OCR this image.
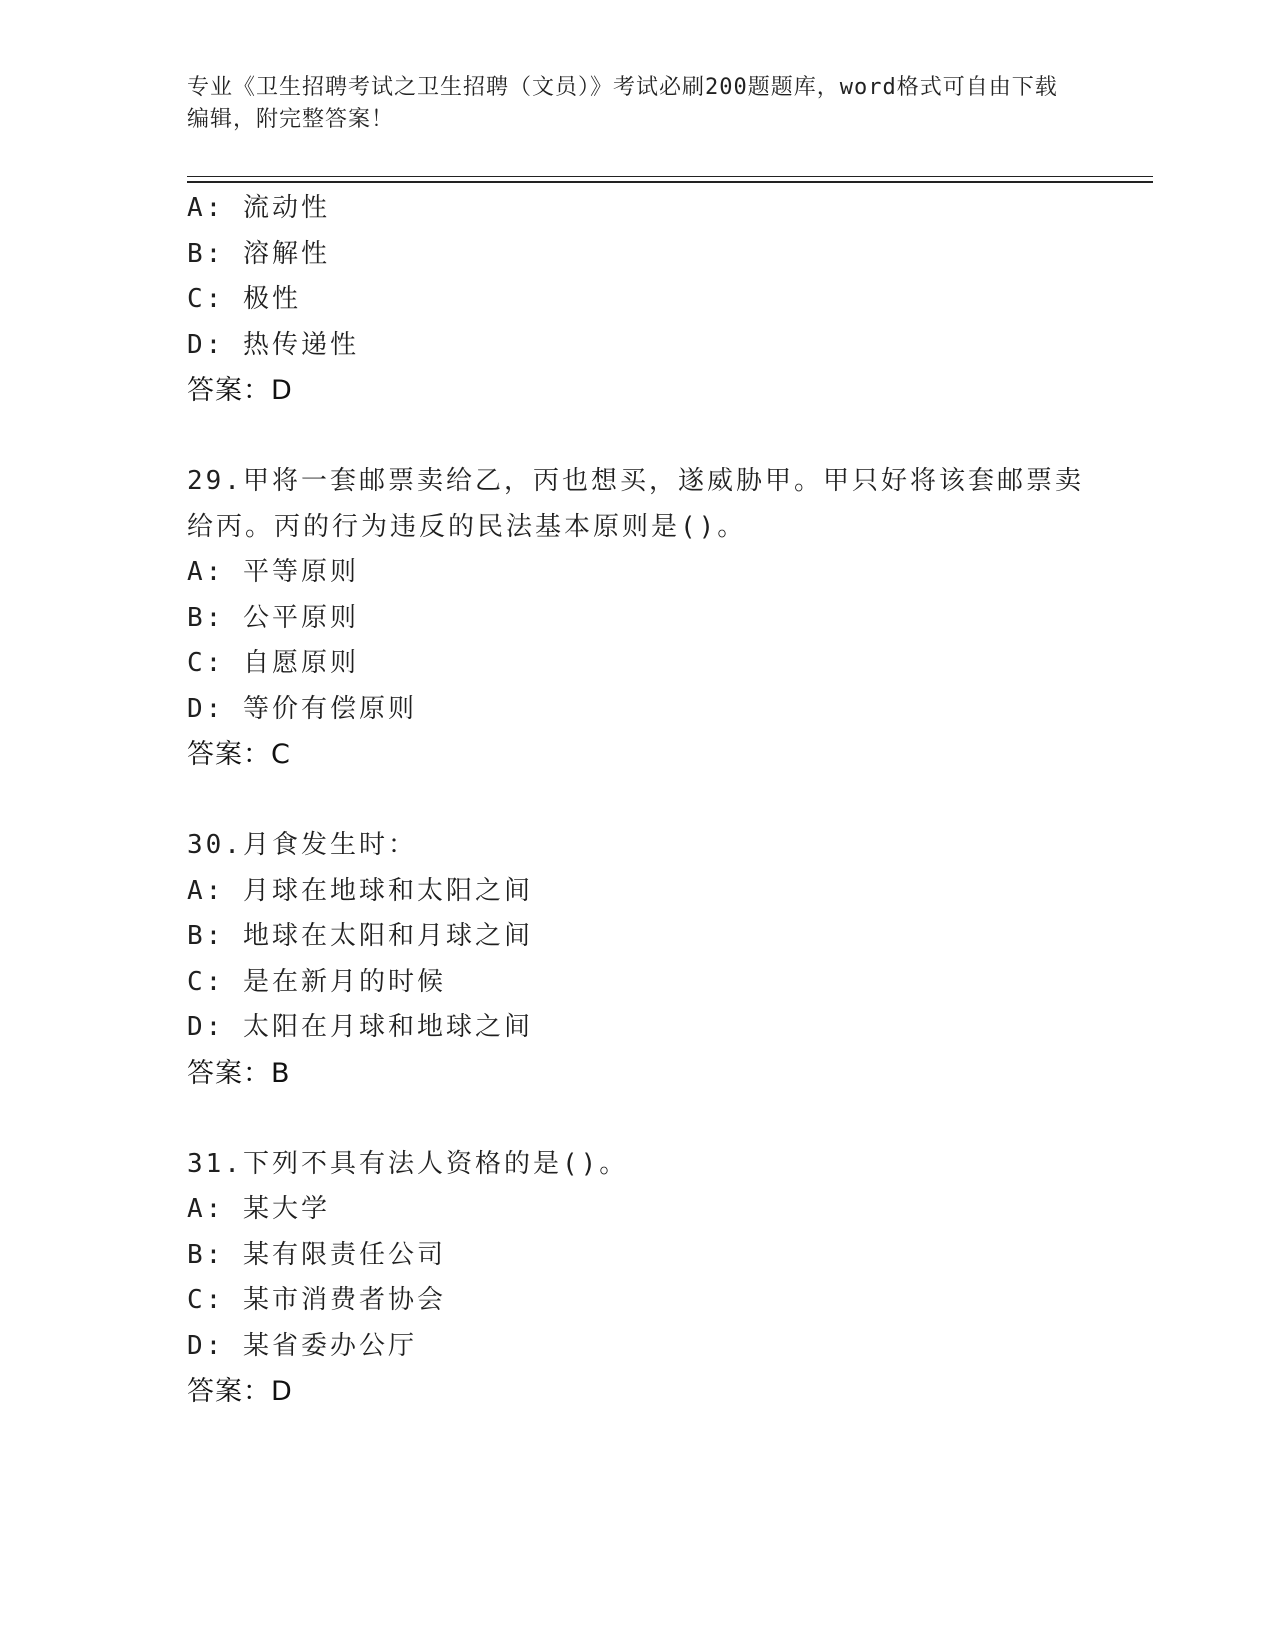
专业《卫生招聘考试之卫生招聘（文员）》考试必刷200题题库，word格式可自由下载编辑，附完整答案！
A: 流动性
B: 溶解性
C: 极性
D: 热传递性
答案：D
29.甲将一套邮票卖给乙，丙也想买，遂威胁甲。甲只好将该套邮票卖给丙。丙的行为违反的民法基本原则是()。
A: 平等原则
B: 公平原则
C: 自愿原则
D: 等价有偿原则
答案：C
30.月食发生时：
A: 月球在地球和太阳之间
B: 地球在太阳和月球之间
C: 是在新月的时候
D: 太阳在月球和地球之间
答案：B
31.下列不具有法人资格的是()。
A: 某大学
B: 某有限责任公司
C: 某市消费者协会
D: 某省委办公厅
答案：D
